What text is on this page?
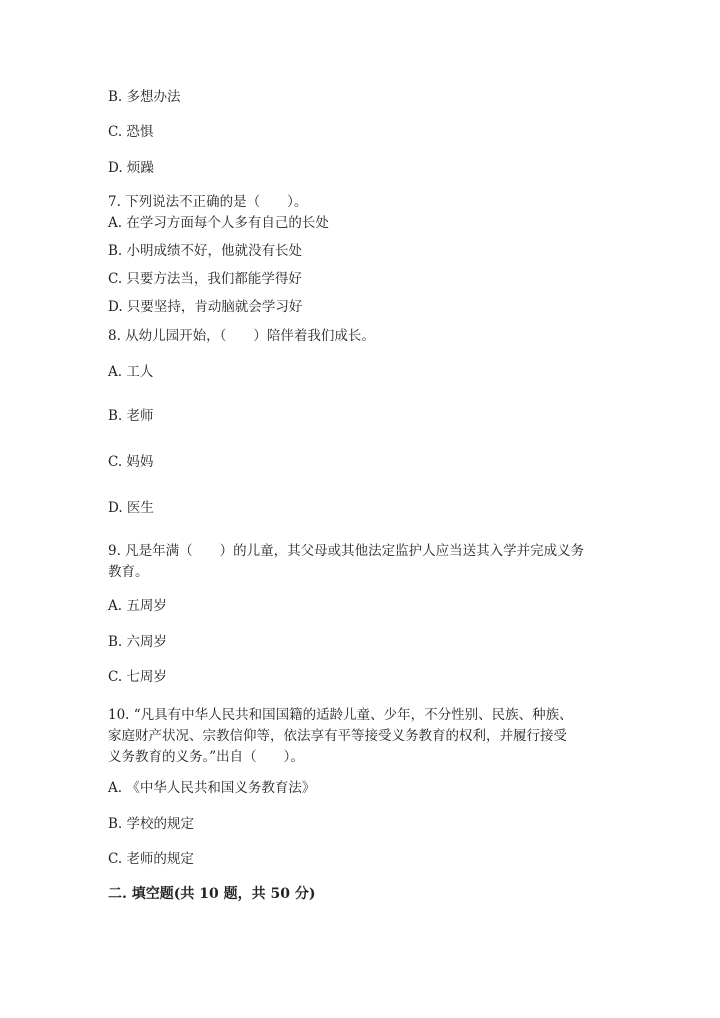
B. 多想办法
C. 恐惧
D. 烦躁
7. 下列说法不正确的是（　　）。
A. 在学习方面每个人多有自己的长处
B. 小明成绩不好，他就没有长处
C. 只要方法当，我们都能学得好
D. 只要坚持，肯动脑就会学习好
8. 从幼儿园开始，（　　）陪伴着我们成长。
A. 工人
B. 老师
C. 妈妈
D. 医生
9. 凡是年满（　　）的儿童，其父母或其他法定监护人应当送其入学并完成义务
教育。
A. 五周岁
B. 六周岁
C. 七周岁
10. “凡具有中华人民共和国国籍的适龄儿童、少年，不分性别、民族、种族、
家庭财产状况、宗教信仰等，依法享有平等接受义务教育的权利，并履行接受
义务教育的义务。”出自（　　）。
A. 《中华人民共和国义务教育法》
B. 学校的规定
C. 老师的规定
二. 填空题(共 10 题，共 50 分)
